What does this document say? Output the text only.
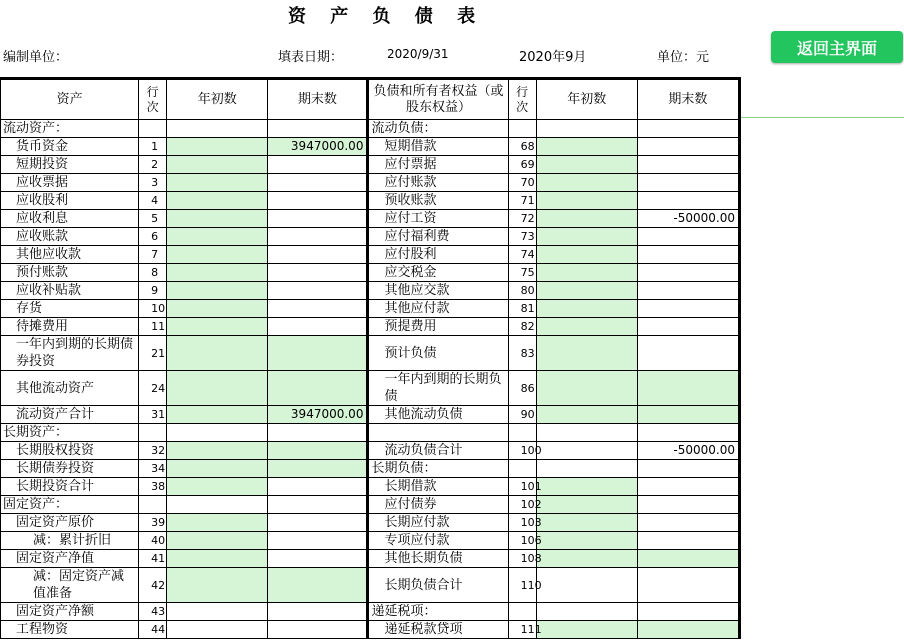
资 产 负 债 表
编制单位：	填表日期：	2020/9/31	2020年9月	单位：元	返回主界面
资产	行次	年初数	期末数	负债和所有者权益（或股东权益）	行次	年初数	期末数
流动资产：				流动负债：			
货币资金	1		3947000.00	短期借款	68		
短期投资	2			应付票据	69		
应收票据	3			应付账款	70		
应收股利	4			预收账款	71		
应收利息	5			应付工资	72		-50000.00
应收账款	6			应付福利费	73		
其他应收款	7			应付股利	74		
预付账款	8			应交税金	75		
应收补贴款	9			其他应交款	80		
存货	10			其他应付款	81		
待摊费用	11			预提费用	82		
一年内到期的长期债券投资	21			预计负债	83		
其他流动资产	24			一年内到期的长期负债	86		
流动资产合计	31		3947000.00	其他流动负债	90		
长期资产：							
长期股权投资	32			流动负债合计	100		-50000.00
长期债券投资	34			长期负债：			
长期投资合计	38			长期借款	101		
固定资产：				应付债券	102		
固定资产原价	39			长期应付款	103		
减：累计折旧	40			专项应付款	106		
固定资产净值	41			其他长期负债	108		
减：固定资产减值准备	42			长期负债合计	110		
固定资产净额	43			递延税项：			
工程物资	44			递延税款贷项	111		
